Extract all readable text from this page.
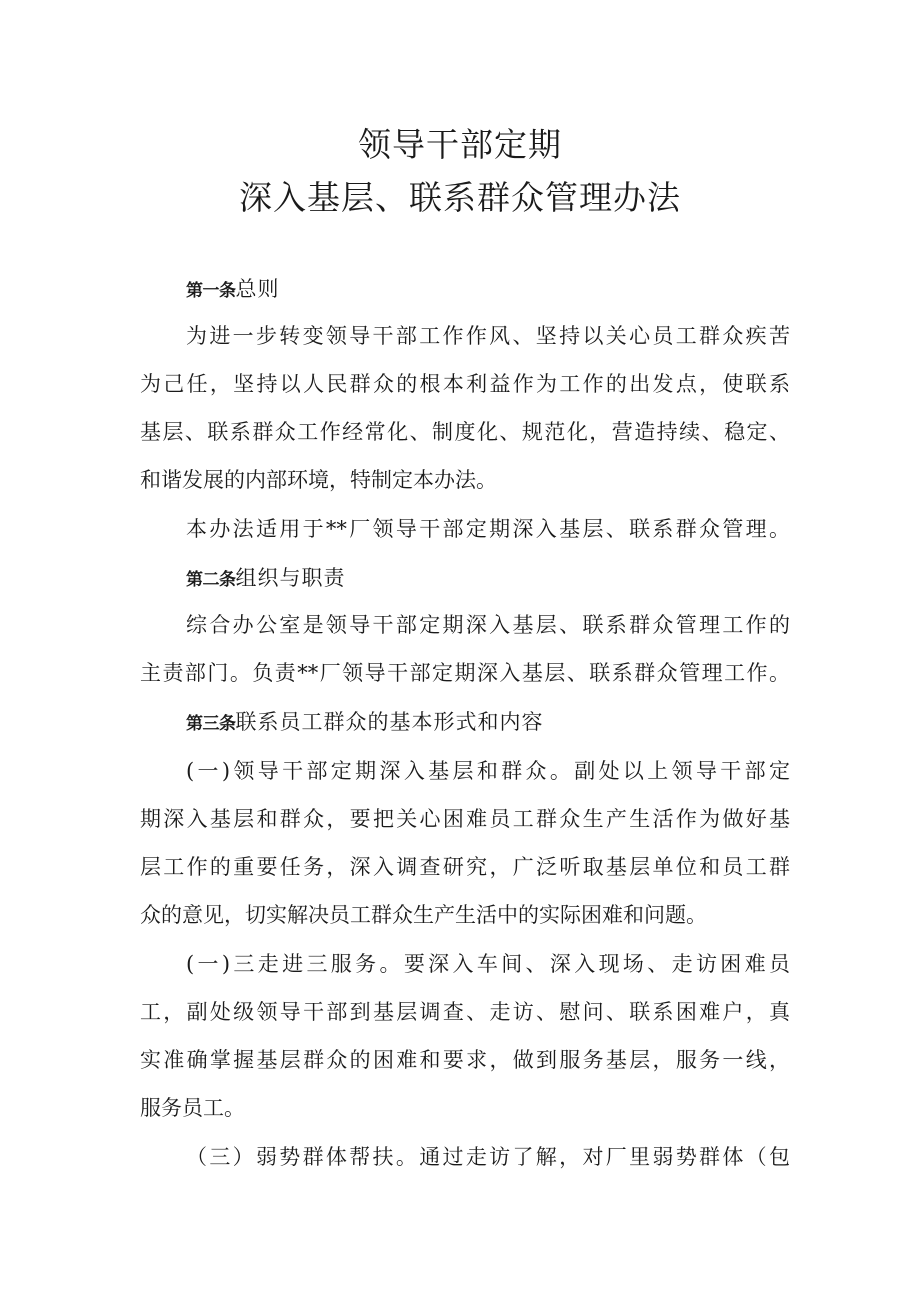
领导干部定期
深入基层、联系群众管理办法
第一条总则
为进一步转变领导干部工作作风、坚持以关心员工群众疾苦
为己任，坚持以人民群众的根本利益作为工作的出发点，使联系
基层、联系群众工作经常化、制度化、规范化，营造持续、稳定、
和谐发展的内部环境，特制定本办法。
本办法适用于**厂领导干部定期深入基层、联系群众管理。
第二条组织与职责
综合办公室是领导干部定期深入基层、联系群众管理工作的
主责部门。负责**厂领导干部定期深入基层、联系群众管理工作。
第三条联系员工群众的基本形式和内容
(一)领导干部定期深入基层和群众。副处以上领导干部定
期深入基层和群众，要把关心困难员工群众生产生活作为做好基
层工作的重要任务，深入调查研究，广泛听取基层单位和员工群
众的意见，切实解决员工群众生产生活中的实际困难和问题。
(一)三走进三服务。要深入车间、深入现场、走访困难员
工，副处级领导干部到基层调查、走访、慰问、联系困难户，真
实准确掌握基层群众的困难和要求，做到服务基层，服务一线，
服务员工。
（三）弱势群体帮扶。通过走访了解，对厂里弱势群体（包
